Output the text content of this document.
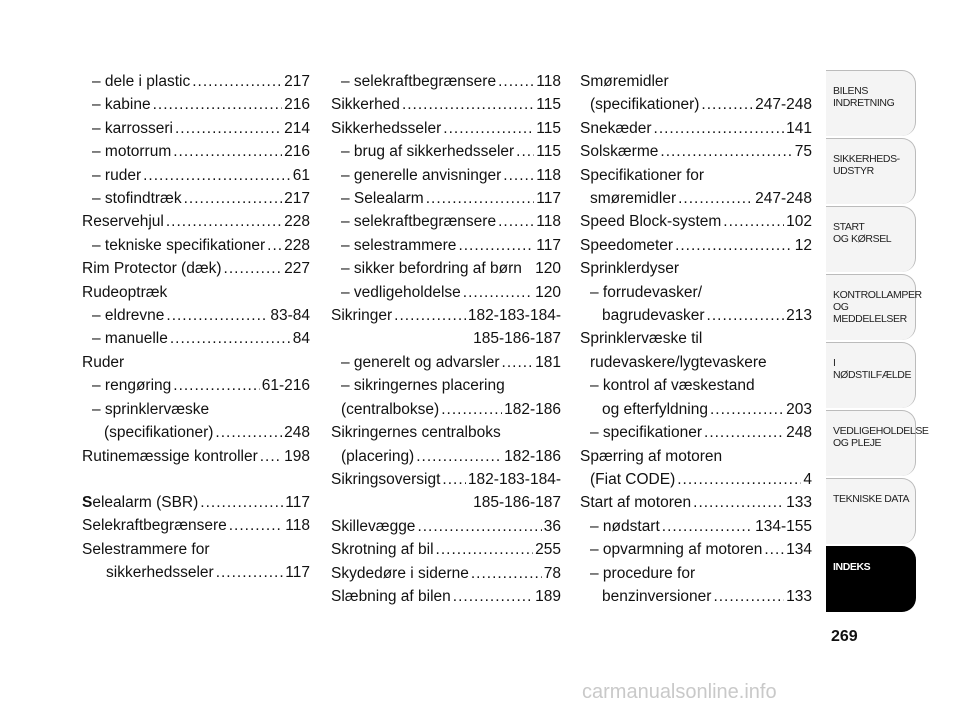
– dele i plastic .....	217
– kabine .....	216
– karrosseri .....	214
– motorrum .....	216
– ruder .....	61
– stofindtræk .....	217
Reservehjul .....	228
– tekniske specifikationer ..... 228
Rim Protector (dæk) .....	227
Rudeoptræk
– eldrevne .....	83-84
– manuelle .....	84
Ruder
– rengøring .....	61-216
– sprinklervæske
(specifikationer) .....	248
Rutinemæssige kontroller ..... 198
Selealarm (SBR) .....	117
Selekraftbegrænsere .....	118
Selestrammere for
sikkerhedsseler .....	117
– selekraftbegrænsere .....	118
Sikkerhed .....	115
Sikkerhedsseler .....	115
– brug af sikkerhedsseler ..... 115
– generelle anvisninger ..... 118
– Selealarm .....	117
– selekraftbegrænsere .....	118
– selestrammere .....	117
– sikker befordring af børn 120
– vedligeholdelse .....	120
Sikringer .....	182-183-184-
185-186-187
– generelt og advarsler ..... 181
– sikringernes placering
(centralbokse) .....	182-186
Sikringernes centralboks
(placering) .....	182-186
Sikringsoversigt ..... 182-183-184-
185-186-187
Skillevægge .....	36
Skrotning af bil .....	255
Skydedøre i siderne .....	78
Slæbning af bilen .....	189
Smøremidler
(specifikationer) .....	247-248
Snekæder .....	141
Solskærme .....	75
Specifikationer for
smøremidler .....	247-248
Speed Block-system .....	102
Speedometer .....	12
Sprinklerdyser
– forrudevasker/
bagrudevasker .....	213
Sprinklervæske til
rudevaskere/lygtevaskere
– kontrol af væskestand
og efterfyldning .....	203
– specifikationer .....	248
Spærring af motoren
(Fiat CODE) .....	4
Start af motoren .....	133
– nødstart .....	134-155
– opvarmning af motoren ..... 134
– procedure for
benzinversioner .....	133
BILENS
INDRETNING
SIKKERHEDS-
UDSTYR
START
OG KØRSEL
KONTROLLAMPER
OG MEDDELELSER
I NØDSTILFÆLDE
VEDLIGEHOLDELSE
OG PLEJE
TEKNISKE DATA
INDEKS
269
carmanualsonline.info
